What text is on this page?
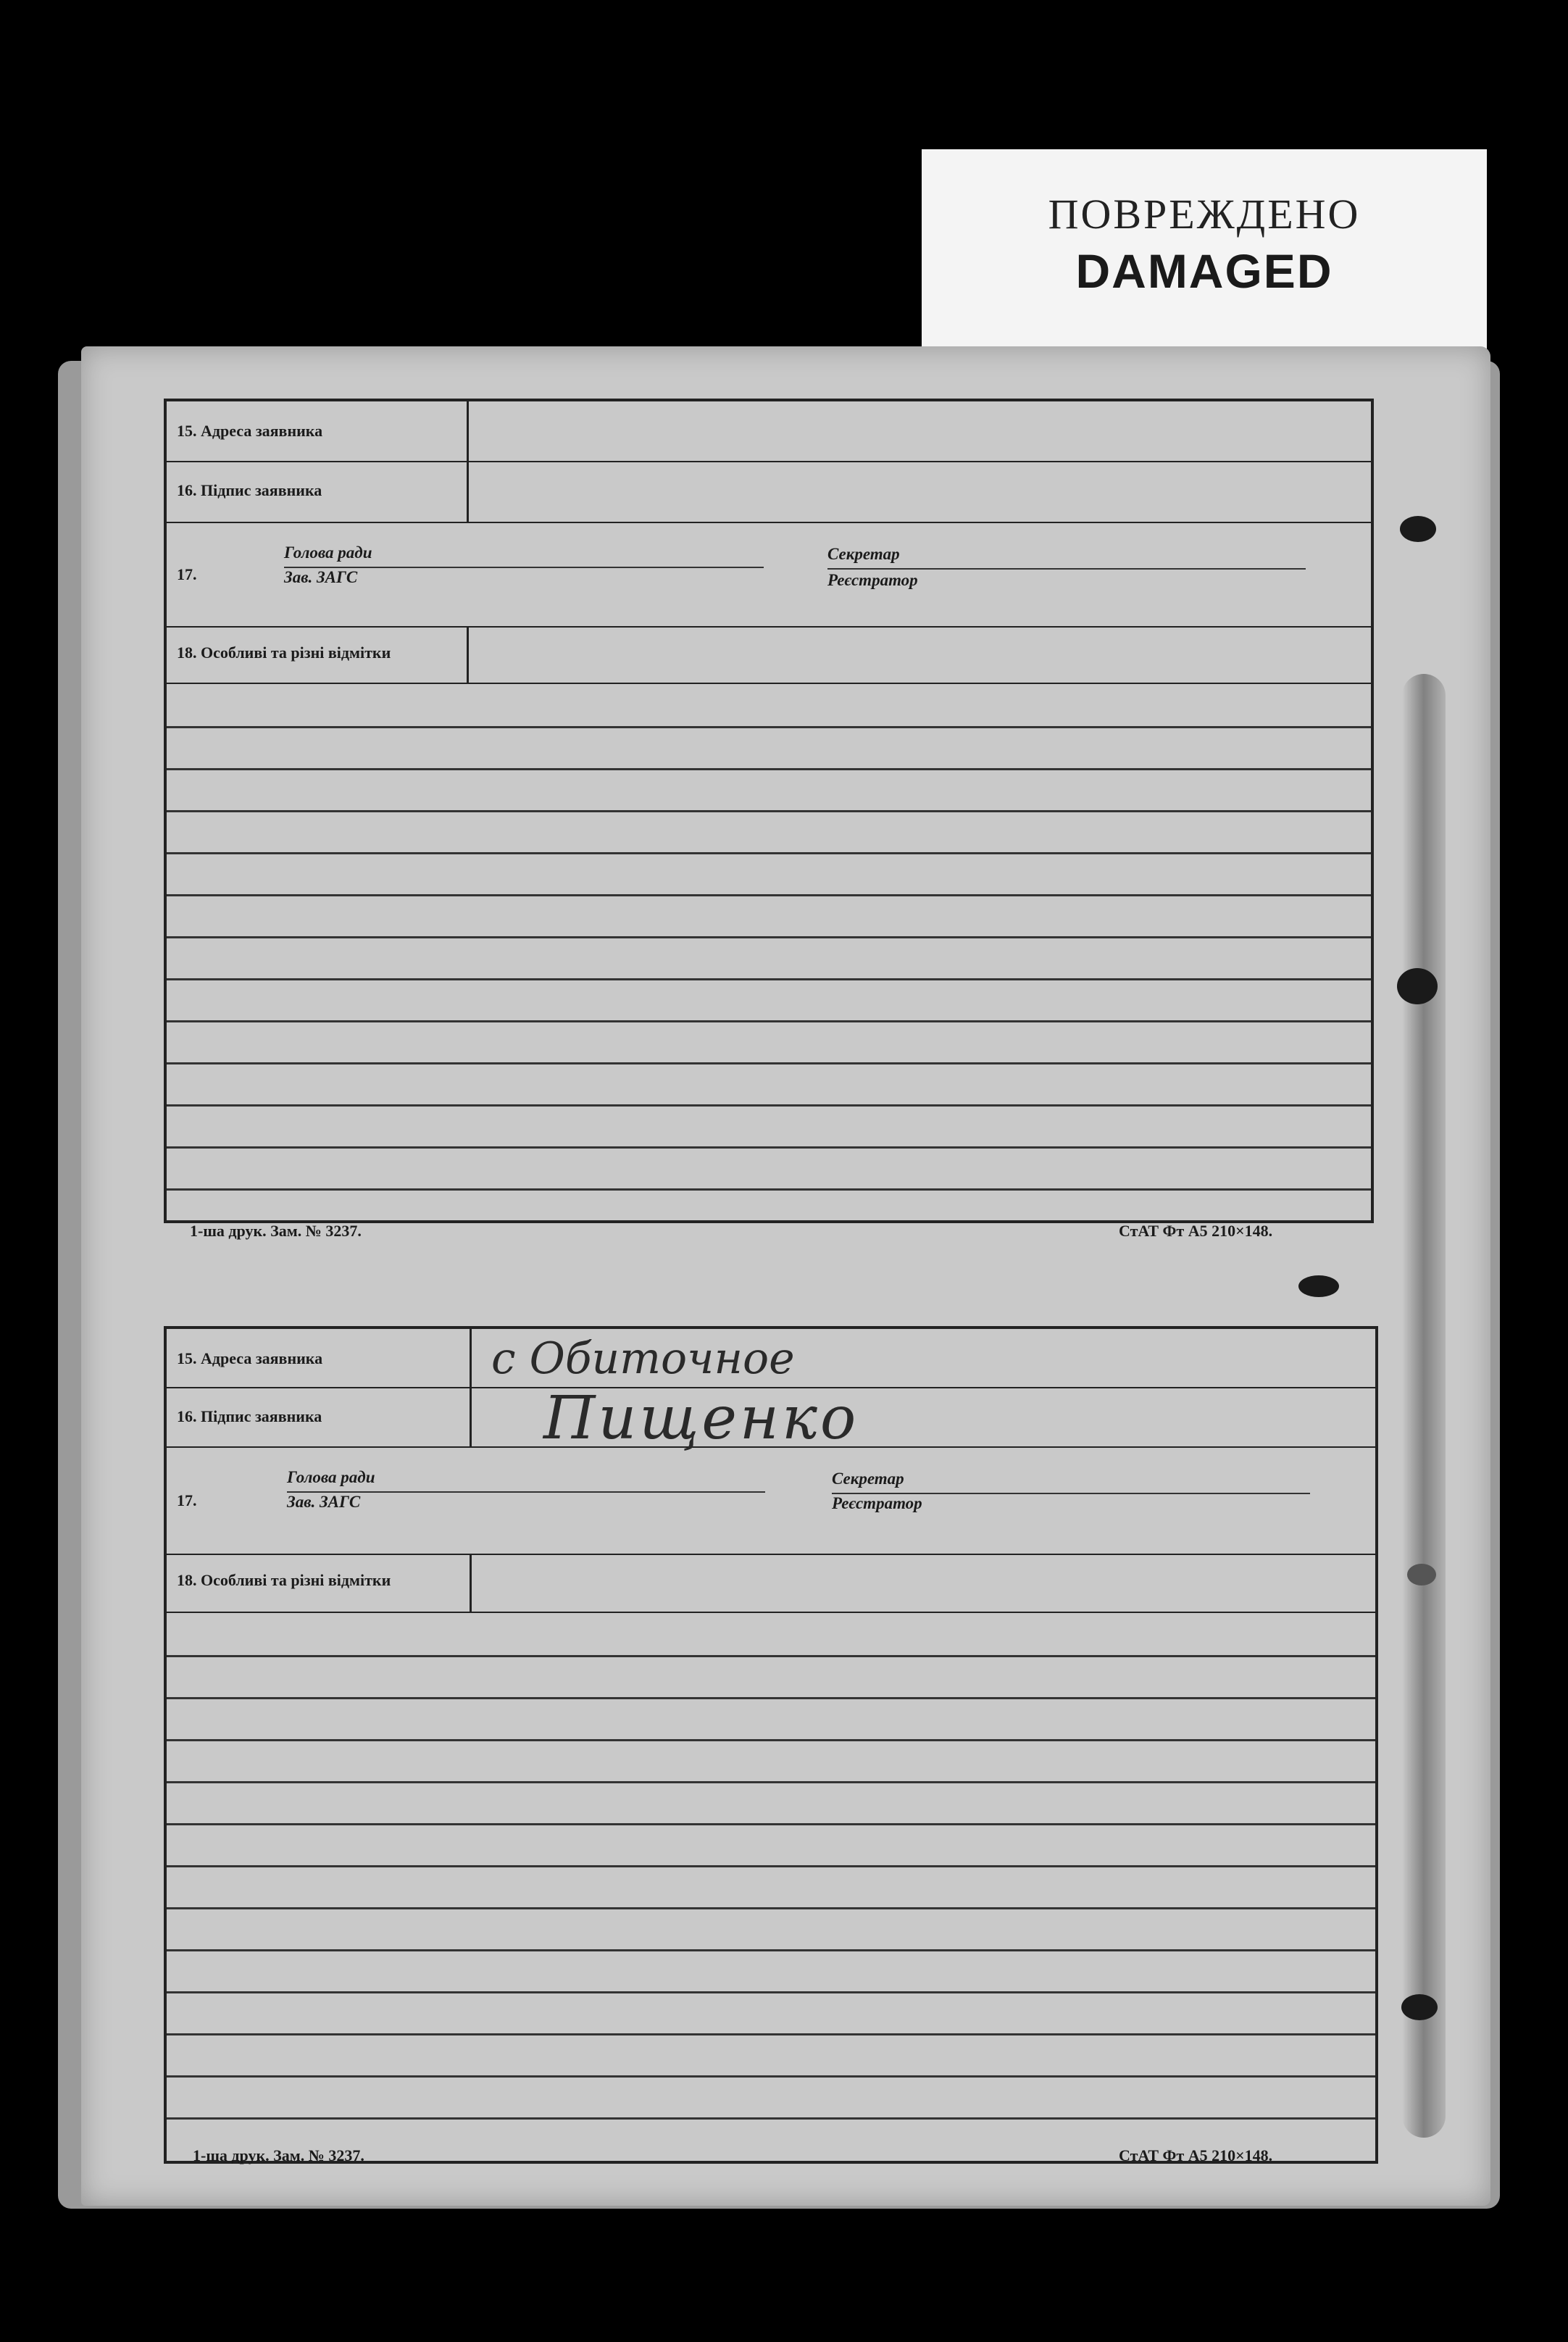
ПОВРЕЖДЕНО
DAMAGED
15. Адреса заявника
16. Підпис заявника
17.
Голова ради
Зав. ЗАГС
Секретар
Реєстратор
18. Особливі та різні відмітки
1-ша друк. Зам. № 3237.	СтАТ Фт А5 210×148.
15. Адреса заявника	с Обиточное
16. Підпис заявника	Пищенко
17.
Голова ради
Зав. ЗАГС
Секретар
Реєстратор
18. Особливі та різні відмітки
1-ша друк. Зам. № 3237.	СтАТ Фт А5 210×148.
